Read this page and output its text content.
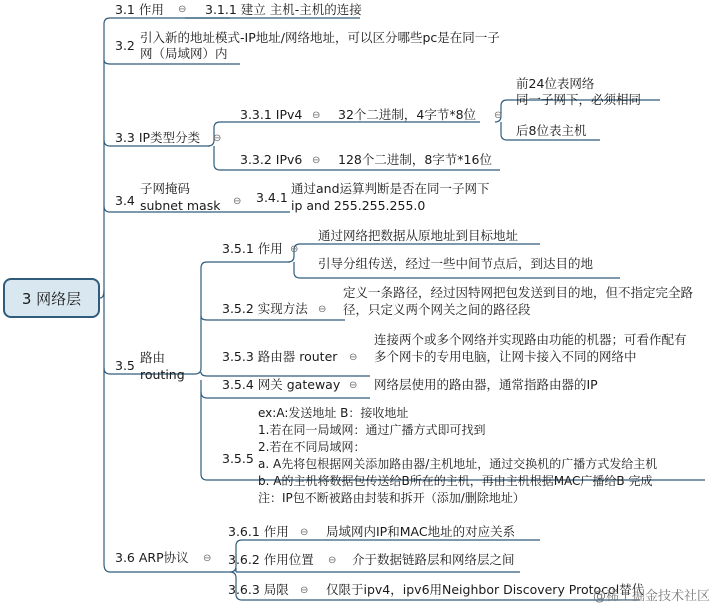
3 网络层
3.1 作用 ⊖ 3.1.1 建立 主机-主机的连接
3.2
引入新的地址模式-IP地址/网络地址，可以区分哪些pc是在同一子
网（局域网）内
3.3 IP类型分类 ⊖
3.3.1 IPv4 ⊖ 32个二进制，4字节*8位 ⊖
前24位表网络
同一子网下，必须相同
后8位表主机
3.3.2 IPv6 ⊖ 128个二进制，8字节*16位
3.4
子网掩码
subnet mask ⊖ 3.4.1
通过and运算判断是否在同一子网下
ip and 255.255.255.0
3.5
路由
routing
3.5.1 作用 ⊖
通过网络把数据从原地址到目标地址
引导分组传送，经过一些中间节点后，到达目的地
3.5.2 实现方法 ⊖
定义一条路径，经过因特网把包发送到目的地，但不指定完全路
径，只定义两个网关之间的路径段
3.5.3 路由器 router ⊖
连接两个或多个网络并实现路由功能的机器；可看作配有
多个网卡的专用电脑，让网卡接入不同的网络中
3.5.4 网关 gateway ⊖ 网络层使用的路由器，通常指路由器的IP
3.5.5
ex:A:发送地址 B：接收地址
1.若在同一局域网：通过广播方式即可找到
2.若在不同局域网：
a. A先将包根据网关添加路由器/主机地址，通过交换机的广播方式发给主机
b. A的主机将数据包传送给B所在的主机，再由主机根据MAC广播给B 完成
注：IP包不断被路由封装和拆开（添加/删除地址）
3.6 ARP协议 ⊖
3.6.1 作用 ⊖ 局域网内IP和MAC地址的对应关系
3.6.2 作用位置 ⊖ 介于数据链路层和网络层之间
3.6.3 局限 ⊖ 仅限于ipv4，ipv6用Neighbor Discovery Protocol替代
@稀土掘金技术社区
